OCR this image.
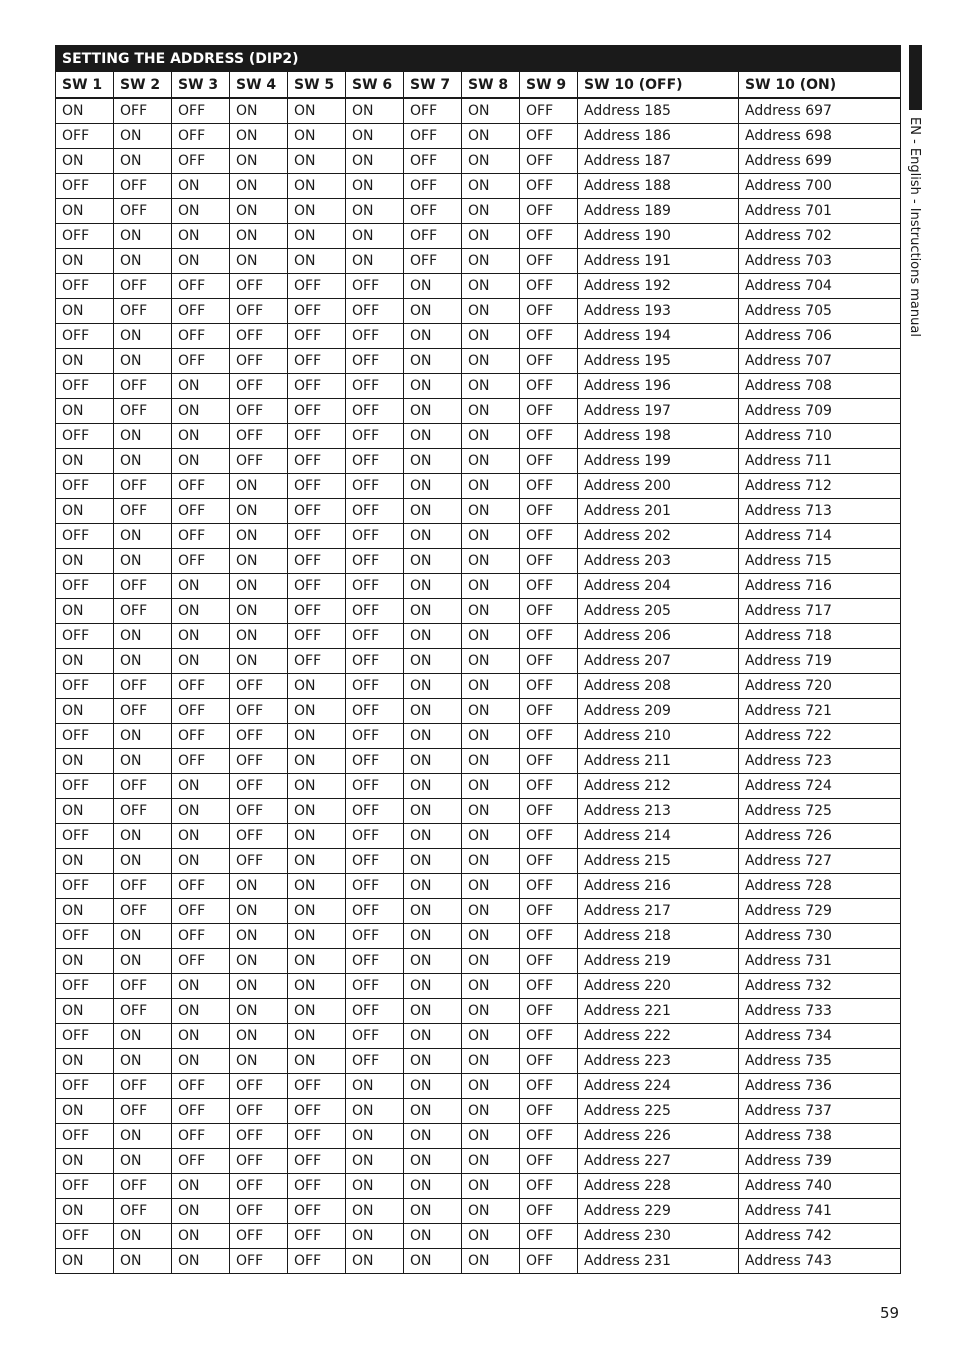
SETTING THE ADDRESS (DIP2)										
SW 1	SW 2	SW 3	SW 4	SW 5	SW 6	SW 7	SW 8	SW 9	SW 10 (OFF)	SW 10 (ON)
ON	OFF	OFF	ON	ON	ON	OFF	ON	OFF	Address 185	Address 697
OFF	ON	OFF	ON	ON	ON	OFF	ON	OFF	Address 186	Address 698
ON	ON	OFF	ON	ON	ON	OFF	ON	OFF	Address 187	Address 699
OFF	OFF	ON	ON	ON	ON	OFF	ON	OFF	Address 188	Address 700
ON	OFF	ON	ON	ON	ON	OFF	ON	OFF	Address 189	Address 701
OFF	ON	ON	ON	ON	ON	OFF	ON	OFF	Address 190	Address 702
ON	ON	ON	ON	ON	ON	OFF	ON	OFF	Address 191	Address 703
OFF	OFF	OFF	OFF	OFF	OFF	ON	ON	OFF	Address 192	Address 704
ON	OFF	OFF	OFF	OFF	OFF	ON	ON	OFF	Address 193	Address 705
OFF	ON	OFF	OFF	OFF	OFF	ON	ON	OFF	Address 194	Address 706
ON	ON	OFF	OFF	OFF	OFF	ON	ON	OFF	Address 195	Address 707
OFF	OFF	ON	OFF	OFF	OFF	ON	ON	OFF	Address 196	Address 708
ON	OFF	ON	OFF	OFF	OFF	ON	ON	OFF	Address 197	Address 709
OFF	ON	ON	OFF	OFF	OFF	ON	ON	OFF	Address 198	Address 710
ON	ON	ON	OFF	OFF	OFF	ON	ON	OFF	Address 199	Address 711
OFF	OFF	OFF	ON	OFF	OFF	ON	ON	OFF	Address 200	Address 712
ON	OFF	OFF	ON	OFF	OFF	ON	ON	OFF	Address 201	Address 713
OFF	ON	OFF	ON	OFF	OFF	ON	ON	OFF	Address 202	Address 714
ON	ON	OFF	ON	OFF	OFF	ON	ON	OFF	Address 203	Address 715
OFF	OFF	ON	ON	OFF	OFF	ON	ON	OFF	Address 204	Address 716
ON	OFF	ON	ON	OFF	OFF	ON	ON	OFF	Address 205	Address 717
OFF	ON	ON	ON	OFF	OFF	ON	ON	OFF	Address 206	Address 718
ON	ON	ON	ON	OFF	OFF	ON	ON	OFF	Address 207	Address 719
OFF	OFF	OFF	OFF	ON	OFF	ON	ON	OFF	Address 208	Address 720
ON	OFF	OFF	OFF	ON	OFF	ON	ON	OFF	Address 209	Address 721
OFF	ON	OFF	OFF	ON	OFF	ON	ON	OFF	Address 210	Address 722
ON	ON	OFF	OFF	ON	OFF	ON	ON	OFF	Address 211	Address 723
OFF	OFF	ON	OFF	ON	OFF	ON	ON	OFF	Address 212	Address 724
ON	OFF	ON	OFF	ON	OFF	ON	ON	OFF	Address 213	Address 725
OFF	ON	ON	OFF	ON	OFF	ON	ON	OFF	Address 214	Address 726
ON	ON	ON	OFF	ON	OFF	ON	ON	OFF	Address 215	Address 727
OFF	OFF	OFF	ON	ON	OFF	ON	ON	OFF	Address 216	Address 728
ON	OFF	OFF	ON	ON	OFF	ON	ON	OFF	Address 217	Address 729
OFF	ON	OFF	ON	ON	OFF	ON	ON	OFF	Address 218	Address 730
ON	ON	OFF	ON	ON	OFF	ON	ON	OFF	Address 219	Address 731
OFF	OFF	ON	ON	ON	OFF	ON	ON	OFF	Address 220	Address 732
ON	OFF	ON	ON	ON	OFF	ON	ON	OFF	Address 221	Address 733
OFF	ON	ON	ON	ON	OFF	ON	ON	OFF	Address 222	Address 734
ON	ON	ON	ON	ON	OFF	ON	ON	OFF	Address 223	Address 735
OFF	OFF	OFF	OFF	OFF	ON	ON	ON	OFF	Address 224	Address 736
ON	OFF	OFF	OFF	OFF	ON	ON	ON	OFF	Address 225	Address 737
OFF	ON	OFF	OFF	OFF	ON	ON	ON	OFF	Address 226	Address 738
ON	ON	OFF	OFF	OFF	ON	ON	ON	OFF	Address 227	Address 739
OFF	OFF	ON	OFF	OFF	ON	ON	ON	OFF	Address 228	Address 740
ON	OFF	ON	OFF	OFF	ON	ON	ON	OFF	Address 229	Address 741
OFF	ON	ON	OFF	OFF	ON	ON	ON	OFF	Address 230	Address 742
ON	ON	ON	OFF	OFF	ON	ON	ON	OFF	Address 231	Address 743
EN - English - Instructions manual
59
